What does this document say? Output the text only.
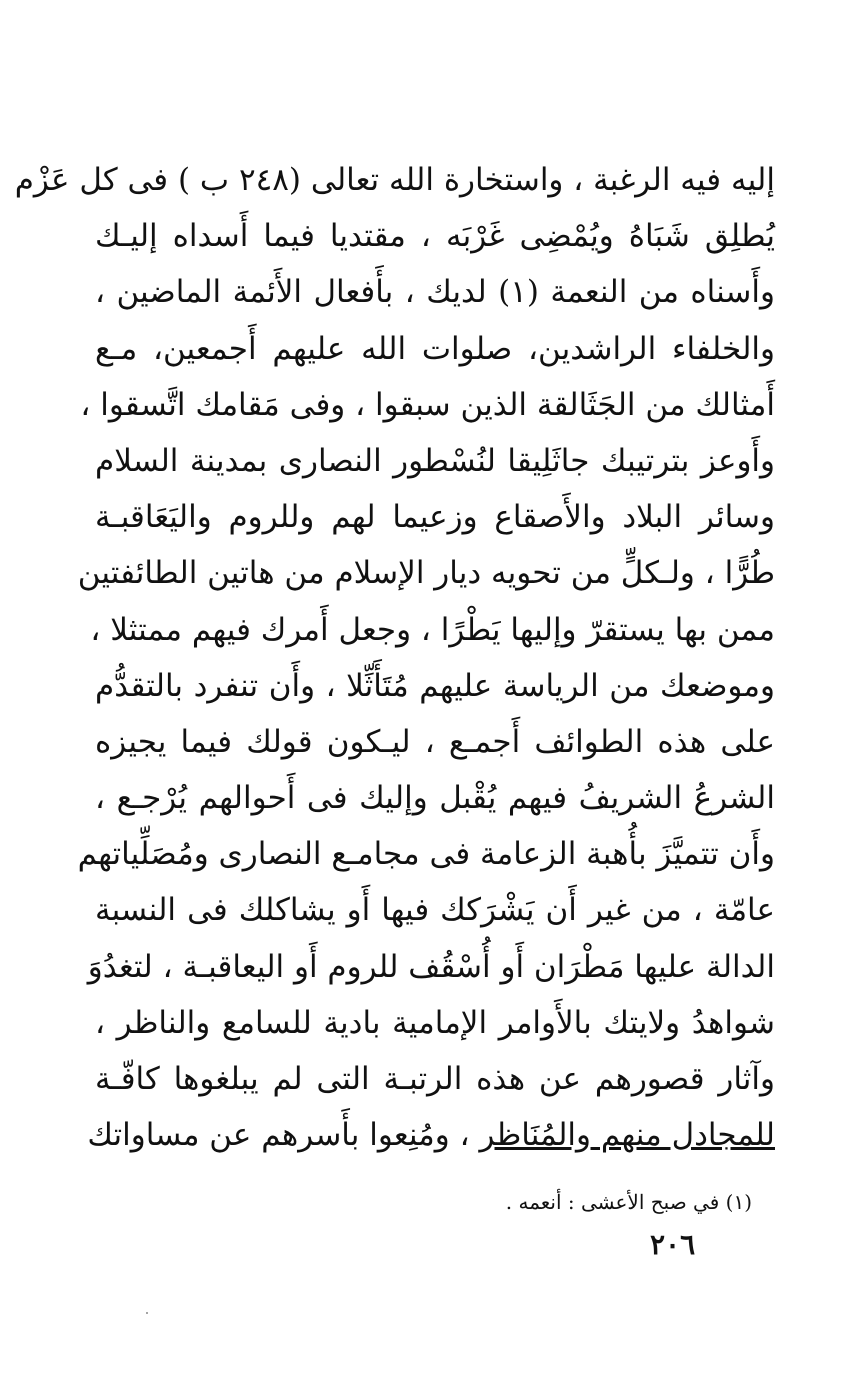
إليه فيه الرغبة ، واستخارة الله تعالى (٢٤٨ ب ) فى كل عَزْم
يُطلِق شَبَاهُ ويُمْضِى غَرْبَه ، مقتديا فيما أَسداه إليـك
وأَسناه من النعمة (١) لديك ، بأَفعال الأَئمة الماضين ،
والخلفاء الراشدين، صلوات الله عليهم أَجمعين، مـع
أَمثالك من الجَثَالقة الذين سبقوا ، وفى مَقامك اتَّسقوا ،
وأَوعز بترتيبك جاثَلِيقا لنُسْطور النصارى بمدينة السلام
وسائر البلاد والأَصقاع وزعيما لهم وللروم واليَعَاقبـة
طُرًّا ، ولـكلٍّ من تحويه ديار الإسلام من هاتين الطائفتين
ممن بها يستقرّ وإليها يَطْرًا ، وجعل أَمرك فيهم ممتثلا ،
وموضعك من الرياسة عليهم مُتَأَثِّلا ، وأَن تنفرد بالتقدُّم
على هذه الطوائف أَجمـع ، ليـكون قولك فيما يجيزه
الشرعُ الشريفُ فيهم يُقْبل وإليك فى أَحوالهم يُرْجـع ،
وأَن تتميَّزَ بأُهبة الزعامة فى مجامـع النصارى ومُصَلِّياتهم
عامّة ، من غير أَن يَشْرَكك فيها أَو يشاكلك فى النسبة
الدالة عليها مَطْرَان أَو أُسْقُف للروم أَو اليعاقبـة ، لتغدُوَ
شواهدُ ولايتك بالأَوامر الإمامية بادية للسامع والناظر ،
وآثار قصورهم عن هذه الرتبـة التى لم يبلغوها كافّـة
للمجادل منهم والمُنَاظر ، ومُنِعوا بأَسرهم عن مساواتك
(١) في صبح الأعشى : أنعمه .
٢٠٦
